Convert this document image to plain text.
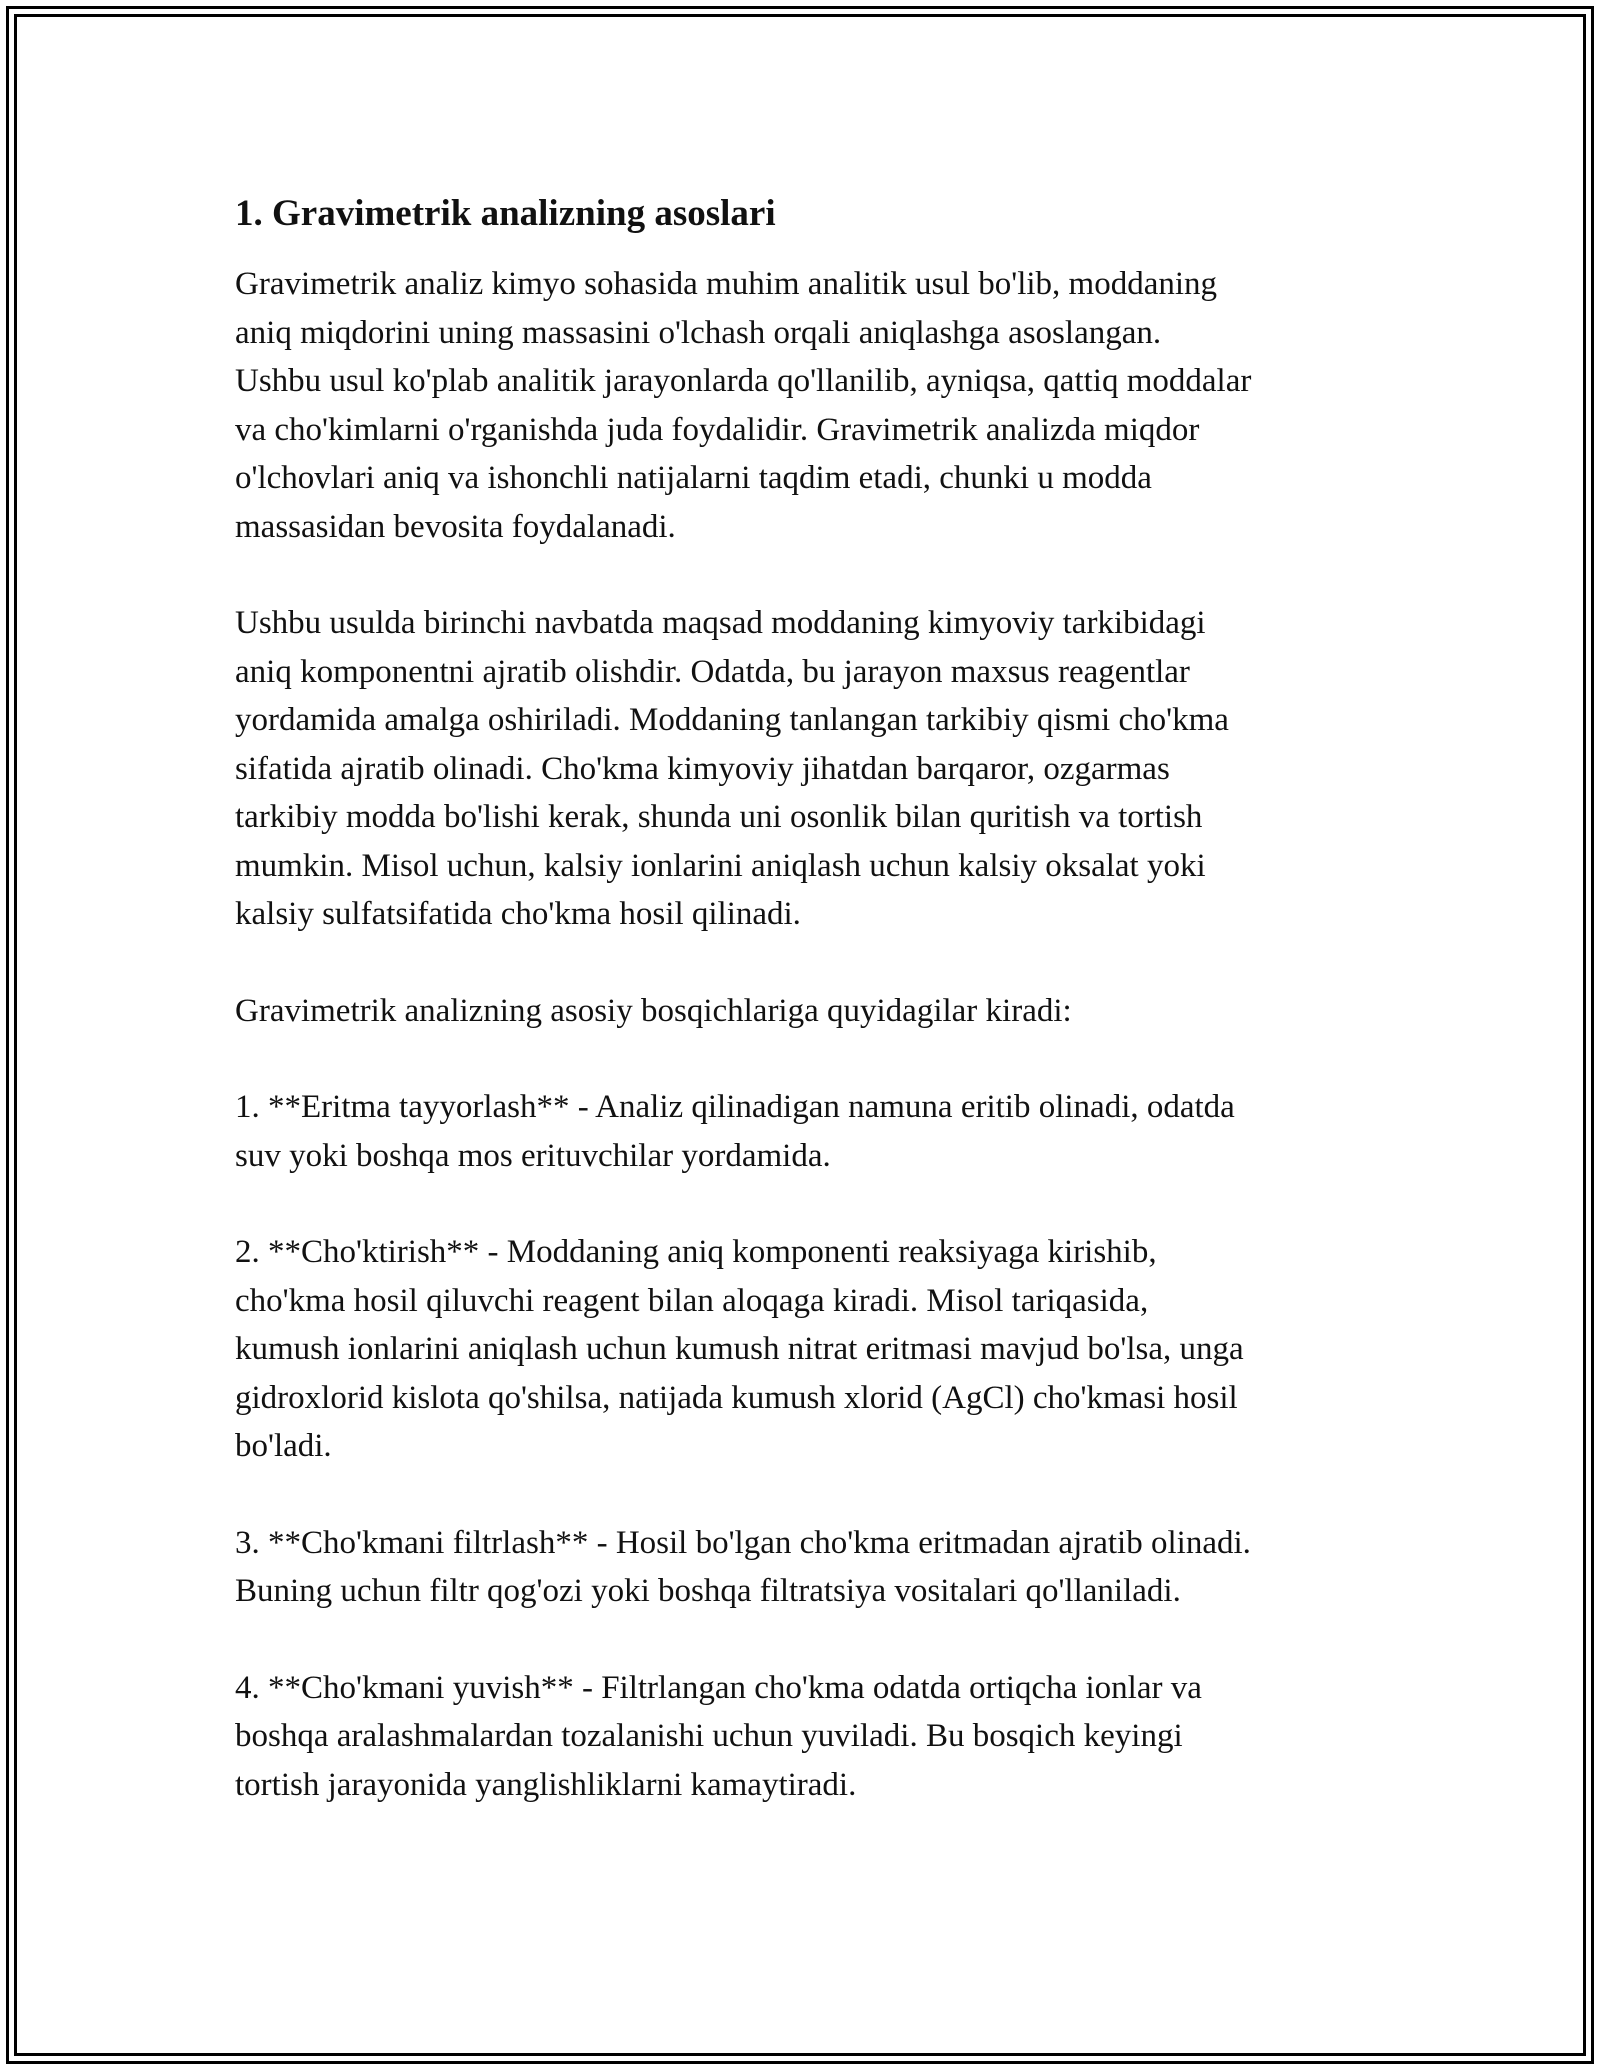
1. Gravimetrik analizning asoslari

Gravimetrik analiz kimyo sohasida muhim analitik usul bo'lib, moddaning
aniq miqdorini uning massasini o'lchash orqali aniqlashga asoslangan.
Ushbu usul ko'plab analitik jarayonlarda qo'llanilib, ayniqsa, qattiq moddalar
va cho'kimlarni o'rganishda juda foydalidir. Gravimetrik analizda miqdor
o'lchovlari aniq va ishonchli natijalarni taqdim etadi, chunki u modda
massasidan bevosita foydalanadi.

Ushbu usulda birinchi navbatda maqsad moddaning kimyoviy tarkibidagi
aniq komponentni ajratib olishdir. Odatda, bu jarayon maxsus reagentlar
yordamida amalga oshiriladi. Moddaning tanlangan tarkibiy qismi cho'kma
sifatida ajratib olinadi. Cho'kma kimyoviy jihatdan barqaror, ozgarmas
tarkibiy modda bo'lishi kerak, shunda uni osonlik bilan quritish va tortish
mumkin. Misol uchun, kalsiy ionlarini aniqlash uchun kalsiy oksalat yoki
kalsiy sulfatsifatida cho'kma hosil qilinadi.

Gravimetrik analizning asosiy bosqichlariga quyidagilar kiradi:

1. **Eritma tayyorlash** - Analiz qilinadigan namuna eritib olinadi, odatda
suv yoki boshqa mos erituvchilar yordamida.

2. **Cho'ktirish** - Moddaning aniq komponenti reaksiyaga kirishib,
cho'kma hosil qiluvchi reagent bilan aloqaga kiradi. Misol tariqasida,
kumush ionlarini aniqlash uchun kumush nitrat eritmasi mavjud bo'lsa, unga
gidroxlorid kislota qo'shilsa, natijada kumush xlorid (AgCl) cho'kmasi hosil
bo'ladi.

3. **Cho'kmani filtrlash** - Hosil bo'lgan cho'kma eritmadan ajratib olinadi.
Buning uchun filtr qog'ozi yoki boshqa filtratsiya vositalari qo'llaniladi.

4. **Cho'kmani yuvish** - Filtrlangan cho'kma odatda ortiqcha ionlar va
boshqa aralashmalardan tozalanishi uchun yuviladi. Bu bosqich keyingi
tortish jarayonida yanglishliklarni kamaytiradi.
